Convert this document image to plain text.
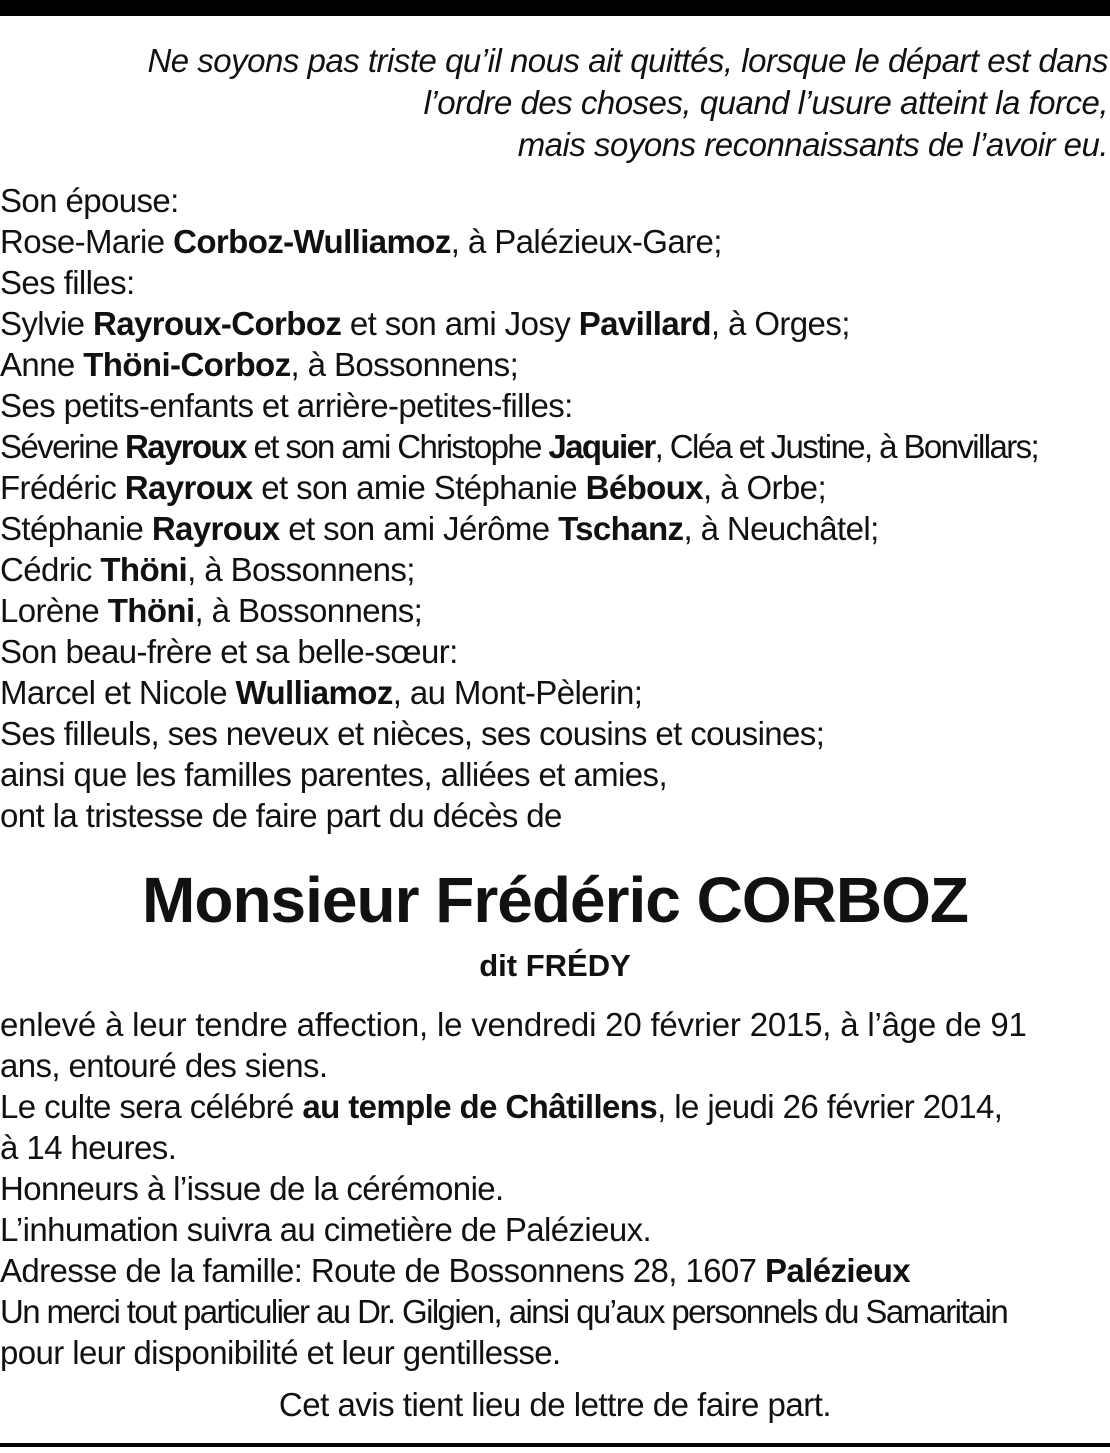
Ne soyons pas triste qu’il nous ait quittés, lorsque le départ est dans
l’ordre des choses, quand l’usure atteint la force,
mais soyons reconnaissants de l’avoir eu.
Son épouse:
Rose-Marie Corboz-Wulliamoz, à Palézieux-Gare;
Ses filles:
Sylvie Rayroux-Corboz et son ami Josy Pavillard, à Orges;
Anne Thöni-Corboz, à Bossonnens;
Ses petits-enfants et arrière-petites-filles:
Séverine Rayroux et son ami Christophe Jaquier, Cléa et Justine, à Bonvillars;
Frédéric Rayroux et son amie Stéphanie Béboux, à Orbe;
Stéphanie Rayroux et son ami Jérôme Tschanz, à Neuchâtel;
Cédric Thöni, à Bossonnens;
Lorène Thöni, à Bossonnens;
Son beau-frère et sa belle-sœur:
Marcel et Nicole Wulliamoz, au Mont-Pèlerin;
Ses filleuls, ses neveux et nièces, ses cousins et cousines;
ainsi que les familles parentes, alliées et amies,
ont la tristesse de faire part du décès de
Monsieur Frédéric CORBOZ
dit FRÉDY
enlevé à leur tendre affection, le vendredi 20 février 2015, à l’âge de 91
ans, entouré des siens.
Le culte sera célébré au temple de Châtillens, le jeudi 26 février 2014,
à 14 heures.
Honneurs à l’issue de la cérémonie.
L’inhumation suivra au cimetière de Palézieux.
Adresse de la famille: Route de Bossonnens 28, 1607 Palézieux
Un merci tout particulier au Dr. Gilgien, ainsi qu’aux personnels du Samaritain
pour leur disponibilité et leur gentillesse.
Cet avis tient lieu de lettre de faire part.
